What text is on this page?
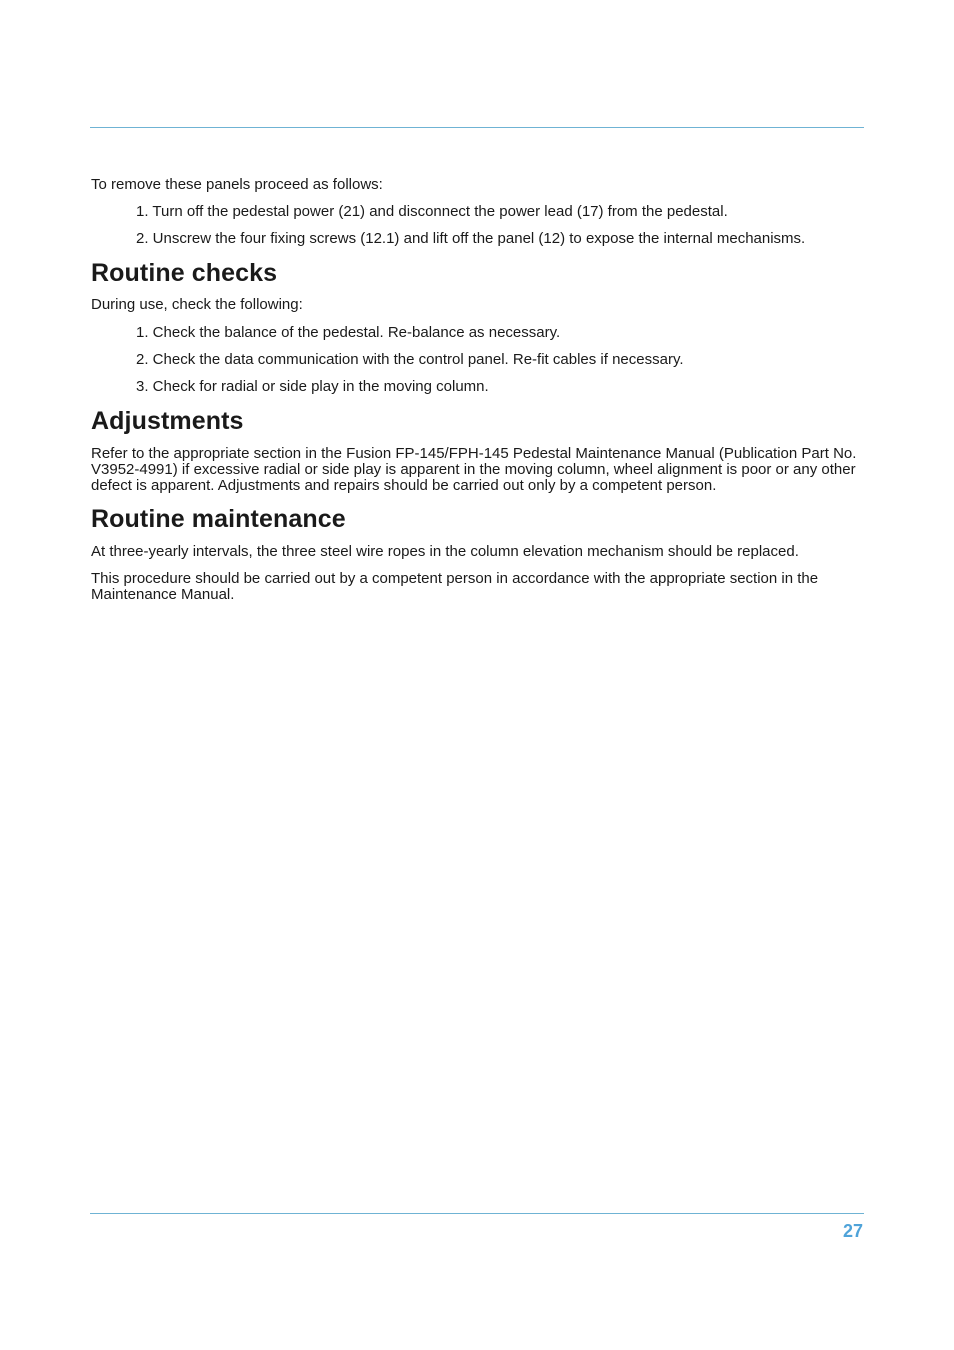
To remove these panels proceed as follows:

1. Turn off the pedestal power (21) and disconnect the power lead (17) from the pedestal.
2. Unscrew the four fixing screws (12.1) and lift off the panel (12) to expose the internal mechanisms.
Routine checks

During use, check the following:

1. Check the balance of the pedestal. Re-balance as necessary.
2. Check the data communication with the control panel. Re-fit cables if necessary.
3. Check for radial or side play in the moving column.
Adjustments

Refer to the appropriate section in the Fusion FP-145/FPH-145 Pedestal Maintenance Manual (Publication Part No. V3952-4991) if excessive radial or side play is apparent in the moving column, wheel alignment is poor or any other defect is apparent. Adjustments and repairs should be carried out only by a competent person.

Routine maintenance

At three-yearly intervals, the three steel wire ropes in the column elevation mechanism should be replaced.

This procedure should be carried out by a competent person in accordance with the appropriate section in the Maintenance Manual.

27
